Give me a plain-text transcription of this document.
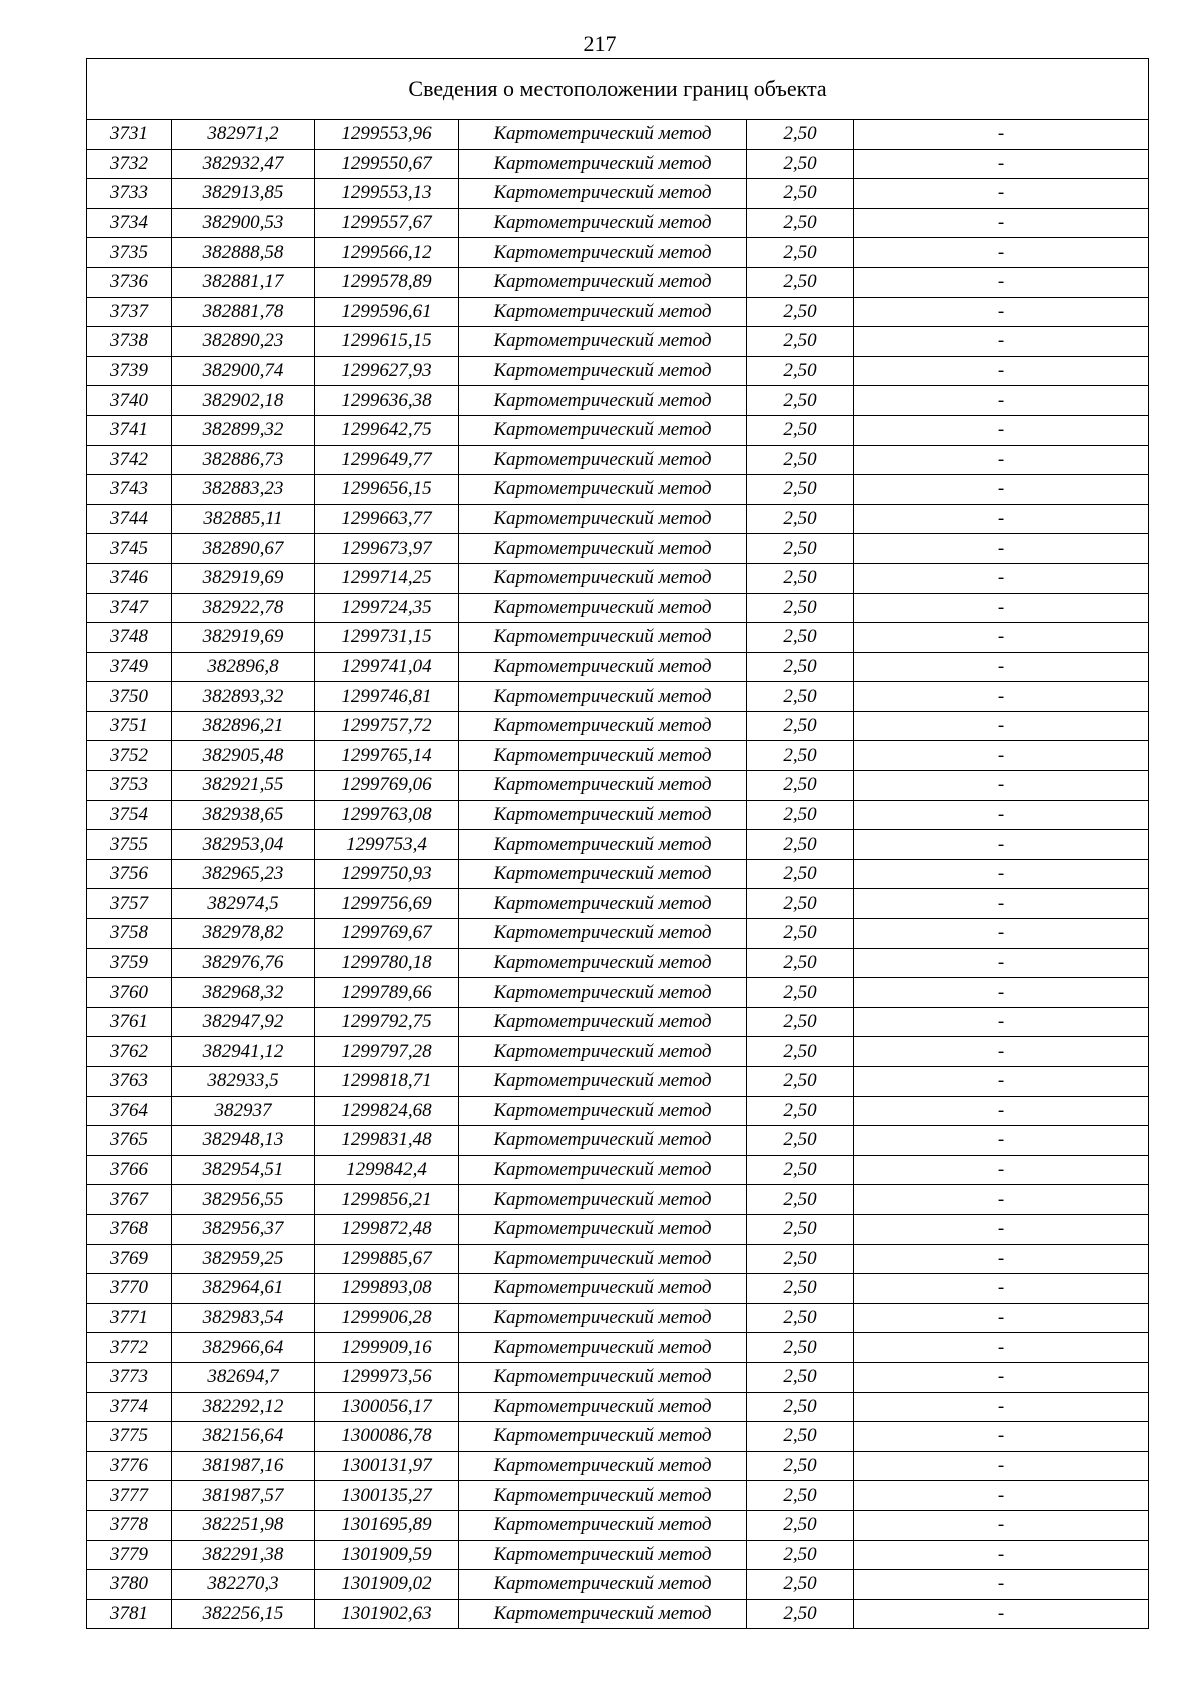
217
Сведения о местоположении границ объекта					
3731	382971,2	1299553,96	Картометрический метод	2,50	-
3732	382932,47	1299550,67	Картометрический метод	2,50	-
3733	382913,85	1299553,13	Картометрический метод	2,50	-
3734	382900,53	1299557,67	Картометрический метод	2,50	-
3735	382888,58	1299566,12	Картометрический метод	2,50	-
3736	382881,17	1299578,89	Картометрический метод	2,50	-
3737	382881,78	1299596,61	Картометрический метод	2,50	-
3738	382890,23	1299615,15	Картометрический метод	2,50	-
3739	382900,74	1299627,93	Картометрический метод	2,50	-
3740	382902,18	1299636,38	Картометрический метод	2,50	-
3741	382899,32	1299642,75	Картометрический метод	2,50	-
3742	382886,73	1299649,77	Картометрический метод	2,50	-
3743	382883,23	1299656,15	Картометрический метод	2,50	-
3744	382885,11	1299663,77	Картометрический метод	2,50	-
3745	382890,67	1299673,97	Картометрический метод	2,50	-
3746	382919,69	1299714,25	Картометрический метод	2,50	-
3747	382922,78	1299724,35	Картометрический метод	2,50	-
3748	382919,69	1299731,15	Картометрический метод	2,50	-
3749	382896,8	1299741,04	Картометрический метод	2,50	-
3750	382893,32	1299746,81	Картометрический метод	2,50	-
3751	382896,21	1299757,72	Картометрический метод	2,50	-
3752	382905,48	1299765,14	Картометрический метод	2,50	-
3753	382921,55	1299769,06	Картометрический метод	2,50	-
3754	382938,65	1299763,08	Картометрический метод	2,50	-
3755	382953,04	1299753,4	Картометрический метод	2,50	-
3756	382965,23	1299750,93	Картометрический метод	2,50	-
3757	382974,5	1299756,69	Картометрический метод	2,50	-
3758	382978,82	1299769,67	Картометрический метод	2,50	-
3759	382976,76	1299780,18	Картометрический метод	2,50	-
3760	382968,32	1299789,66	Картометрический метод	2,50	-
3761	382947,92	1299792,75	Картометрический метод	2,50	-
3762	382941,12	1299797,28	Картометрический метод	2,50	-
3763	382933,5	1299818,71	Картометрический метод	2,50	-
3764	382937	1299824,68	Картометрический метод	2,50	-
3765	382948,13	1299831,48	Картометрический метод	2,50	-
3766	382954,51	1299842,4	Картометрический метод	2,50	-
3767	382956,55	1299856,21	Картометрический метод	2,50	-
3768	382956,37	1299872,48	Картометрический метод	2,50	-
3769	382959,25	1299885,67	Картометрический метод	2,50	-
3770	382964,61	1299893,08	Картометрический метод	2,50	-
3771	382983,54	1299906,28	Картометрический метод	2,50	-
3772	382966,64	1299909,16	Картометрический метод	2,50	-
3773	382694,7	1299973,56	Картометрический метод	2,50	-
3774	382292,12	1300056,17	Картометрический метод	2,50	-
3775	382156,64	1300086,78	Картометрический метод	2,50	-
3776	381987,16	1300131,97	Картометрический метод	2,50	-
3777	381987,57	1300135,27	Картометрический метод	2,50	-
3778	382251,98	1301695,89	Картометрический метод	2,50	-
3779	382291,38	1301909,59	Картометрический метод	2,50	-
3780	382270,3	1301909,02	Картометрический метод	2,50	-
3781	382256,15	1301902,63	Картометрический метод	2,50	-
